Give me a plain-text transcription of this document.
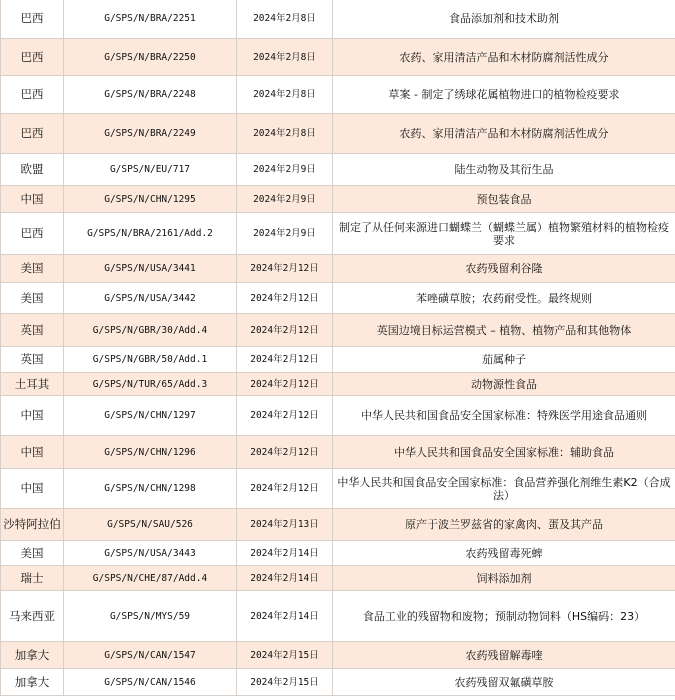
巴西	G/SPS/N/BRA/2251	2024年2月8日	食品添加剂和技术助剂
巴西	G/SPS/N/BRA/2250	2024年2月8日	农药、家用清洁产品和木材防腐剂活性成分
巴西	G/SPS/N/BRA/2248	2024年2月8日	草案 - 制定了绣球花属植物进口的植物检疫要求
巴西	G/SPS/N/BRA/2249	2024年2月8日	农药、家用清洁产品和木材防腐剂活性成分
欧盟	G/SPS/N/EU/717	2024年2月9日	陆生动物及其衍生品
中国	G/SPS/N/CHN/1295	2024年2月9日	预包装食品
巴西	G/SPS/N/BRA/2161/Add.2	2024年2月9日	制定了从任何来源进口蝴蝶兰（蝴蝶兰属）植物繁殖材料的植物检疫要求
美国	G/SPS/N/USA/3441	2024年2月12日	农药残留利谷隆
美国	G/SPS/N/USA/3442	2024年2月12日	苯唑磺草胺；农药耐受性。最终规则
英国	G/SPS/N/GBR/30/Add.4	2024年2月12日	英国边境目标运营模式 – 植物、植物产品和其他物体
英国	G/SPS/N/GBR/50/Add.1	2024年2月12日	茄属种子
土耳其	G/SPS/N/TUR/65/Add.3	2024年2月12日	动物源性食品
中国	G/SPS/N/CHN/1297	2024年2月12日	中华人民共和国食品安全国家标准：特殊医学用途食品通则
中国	G/SPS/N/CHN/1296	2024年2月12日	中华人民共和国食品安全国家标准：辅助食品
中国	G/SPS/N/CHN/1298	2024年2月12日	中华人民共和国食品安全国家标准：食品营养强化剂维生素K2（合成法）
沙特阿拉伯	G/SPS/N/SAU/526	2024年2月13日	原产于波兰罗兹省的家禽肉、蛋及其产品
美国	G/SPS/N/USA/3443	2024年2月14日	农药残留毒死蜱
瑞士	G/SPS/N/CHE/87/Add.4	2024年2月14日	饲料添加剂
马来西亚	G/SPS/N/MYS/59	2024年2月14日	食品工业的残留物和废物；预制动物饲料（HS编码：23）
加拿大	G/SPS/N/CAN/1547	2024年2月15日	农药残留解毒喹
加拿大	G/SPS/N/CAN/1546	2024年2月15日	农药残留双氟磺草胺
